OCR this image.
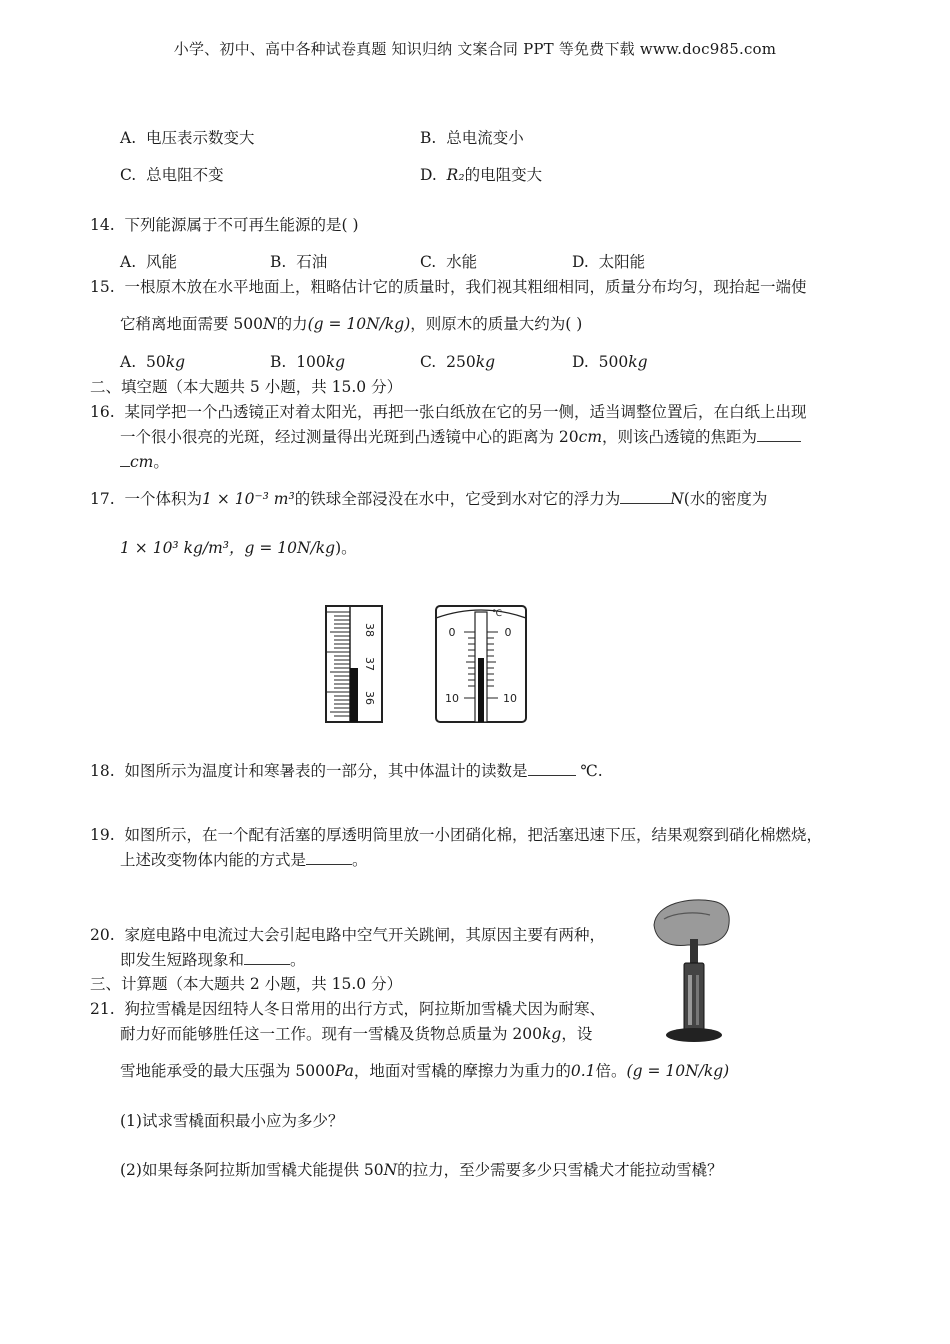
小学、初中、高中各种试卷真题 知识归纳 文案合同 PPT 等免费下载 www.doc985.com
A. 电压表示数变大	B. 总电流变小
C. 总电阻不变	D. R₂的电阻变大
14. 下列能源属于不可再生能源的是( )
A. 风能	B. 石油	C. 水能	D. 太阳能
15. 一根原木放在水平地面上，粗略估计它的质量时，我们视其粗细相同，质量分布均匀，现抬起一端使
它稍离地面需要 500N的力(g = 10N/kg)，则原木的质量大约为( )
A. 50kg	B. 100kg	C. 250kg	D. 500kg
二、填空题（本大题共 5 小题，共 15.0 分）
16. 某同学把一个凸透镜正对着太阳光，再把一张白纸放在它的另一侧，适当调整位置后，在白纸上出现
一个很小很亮的光斑，经过测量得出光斑到凸透镜中心的距离为 20cm，则该凸透镜的焦距为
cm。
17. 一个体积为1 × 10⁻³ m³的铁球全部浸没在水中，它受到水对它的浮力为	N(水的密度为
1 × 10³ kg/m³，g = 10N/kg)。
38
37
36
℃
0	0
10	10
18. 如图所示为温度计和寒暑表的一部分，其中体温计的读数是	℃.
19. 如图所示，在一个配有活塞的厚透明筒里放一小团硝化棉，把活塞迅速下压，结果观察到硝化棉燃烧，
上述改变物体内能的方式是	。
20. 家庭电路中电流过大会引起电路中空气开关跳闸，其原因主要有两种，
即发生短路现象和	。
三、计算题（本大题共 2 小题，共 15.0 分）
21. 狗拉雪橇是因纽特人冬日常用的出行方式，阿拉斯加雪橇犬因为耐寒、
耐力好而能够胜任这一工作。现有一雪橇及货物总质量为 200kg，设
雪地能承受的最大压强为 5000Pa，地面对雪橇的摩擦力为重力的0.1倍。(g = 10N/kg)
(1)试求雪橇面积最小应为多少？
(2)如果每条阿拉斯加雪橇犬能提供 50N的拉力，至少需要多少只雪橇犬才能拉动雪橇？
